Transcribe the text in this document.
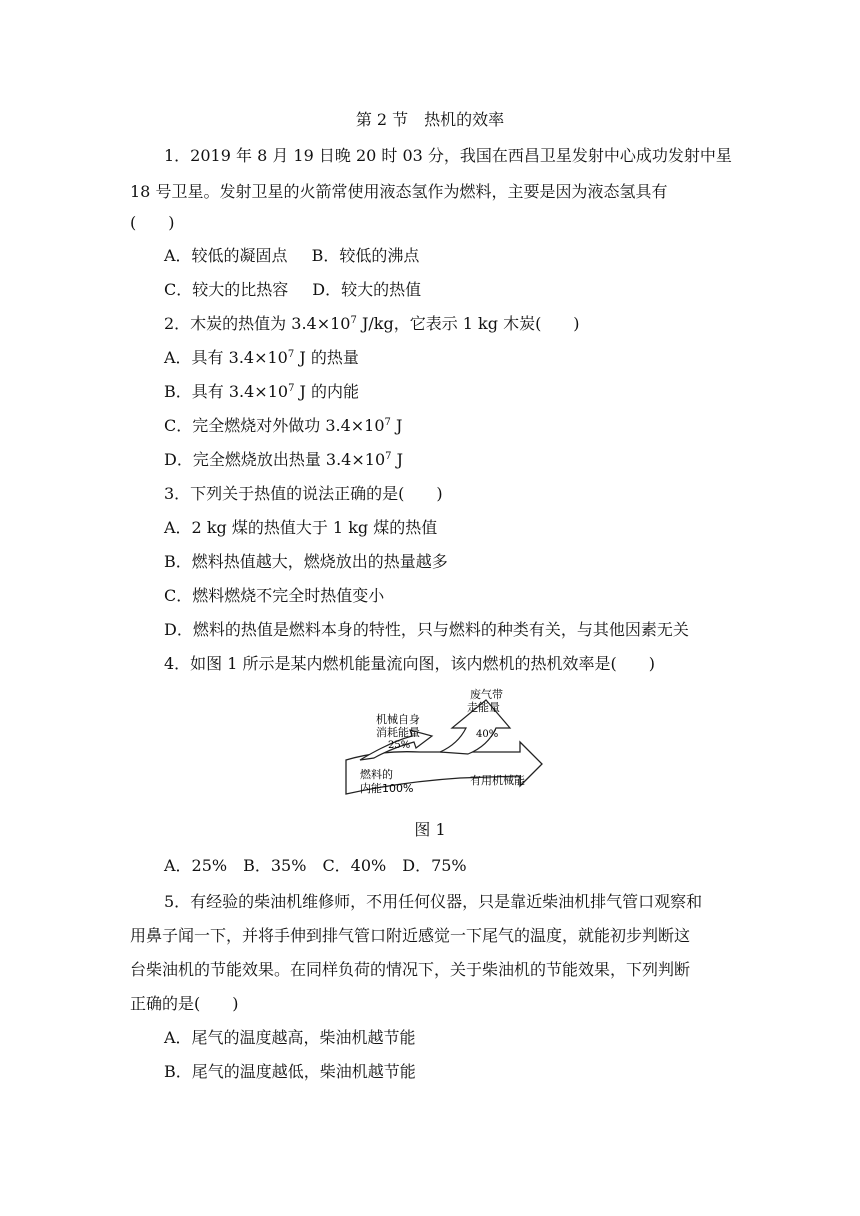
第 2 节　热机的效率
1．2019 年 8 月 19 日晚 20 时 03 分，我国在西昌卫星发射中心成功发射中星
18 号卫星。发射卫星的火箭常使用液态氢作为燃料，主要是因为液态氢具有
(　　)
A．较低的凝固点 B．较低的沸点
C．较大的比热容 D．较大的热值
2．木炭的热值为 $3.4\times 10^7$ J/kg，它表示 1 kg 木炭(　　)
A．具有 $3.4\times 10^7$ J 的热量
B．具有 $3.4\times 10^7$ J 的内能
C．完全燃烧对外做功 $3.4\times 10^7$ J
D．完全燃烧放出热量 $3.4\times 10^7$ J
3．下列关于热值的说法正确的是(　　)
A．2 kg 煤的热值大于 1 kg 煤的热值
B．燃料热值越大，燃烧放出的热量越多
C．燃料燃烧不完全时热值变小
D．燃料的热值是燃料本身的特性，只与燃料的种类有关，与其他因素无关
4．如图 1 所示是某内燃机能量流向图，该内燃机的热机效率是(　　)
机械自身
消耗能量
25%
废气带
走能量
40%
燃料的
内能100%
有用机械能
图 1
A．25%　B．35%　C．40%　D．75%
5．有经验的柴油机维修师，不用任何仪器，只是靠近柴油机排气管口观察和
用鼻子闻一下，并将手伸到排气管口附近感觉一下尾气的温度，就能初步判断这
台柴油机的节能效果。在同样负荷的情况下，关于柴油机的节能效果，下列判断
正确的是(　　)
A．尾气的温度越高，柴油机越节能
B．尾气的温度越低，柴油机越节能
